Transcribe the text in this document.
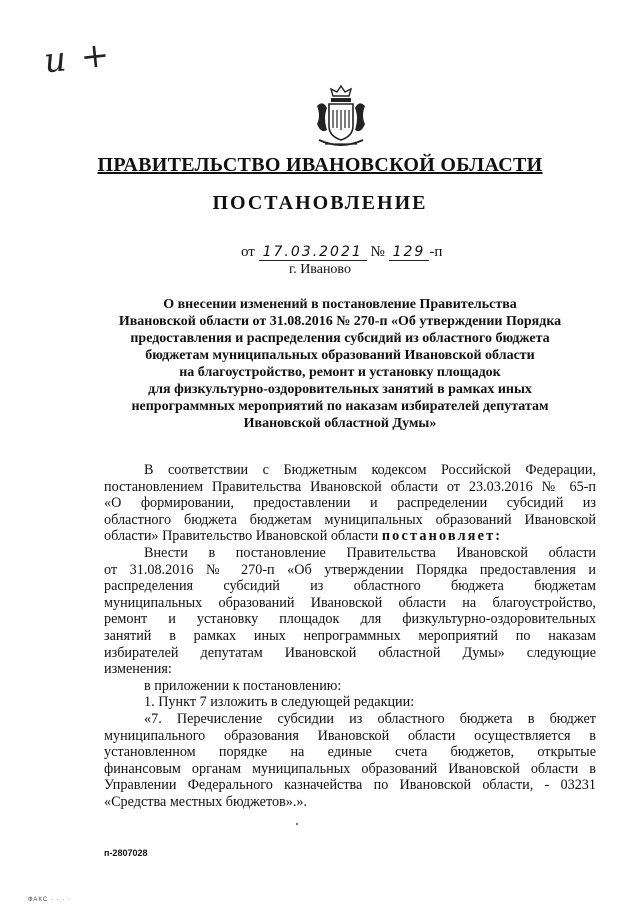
и +
ПРАВИТЕЛЬСТВО ИВАНОВСКОЙ ОБЛАСТИ
ПОСТАНОВЛЕНИЕ
от 17.03.2021 № 129 -п
г. Иваново
О внесении изменений в постановление Правительства
Ивановской области от 31.08.2016 № 270-п «Об утверждении Порядка
предоставления и распределения субсидий из областного бюджета
бюджетам муниципальных образований Ивановской области
на благоустройство, ремонт и установку площадок
для физкультурно-оздоровительных занятий в рамках иных
непрограммных мероприятий по наказам избирателей депутатам
Ивановской областной Думы»
В соответствии с Бюджетным кодексом Российской Федерации,
постановлением Правительства Ивановской области от 23.03.2016 № 65-п
«О формировании, предоставлении и распределении субсидий из
областного бюджета бюджетам муниципальных образований Ивановской
области» Правительство Ивановской области постановляет:
Внести в постановление Правительства Ивановской области
от 31.08.2016 № 270-п «Об утверждении Порядка предоставления и
распределения субсидий из областного бюджета бюджетам
муниципальных образований Ивановской области на благоустройство,
ремонт и установку площадок для физкультурно-оздоровительных
занятий в рамках иных непрограммных мероприятий по наказам
избирателей депутатам Ивановской областной Думы» следующие
изменения:
в приложении к постановлению:
1. Пункт 7 изложить в следующей редакции:
«7. Перечисление субсидии из областного бюджета в бюджет
муниципального образования Ивановской области осуществляется в
установленном порядке на единые счета бюджетов, открытые
финансовым органам муниципальных образований Ивановской области в
Управлении Федерального казначейства по Ивановской области, - 03231
«Средства местных бюджетов».».
п-2807028
ФАКС · · · ·
